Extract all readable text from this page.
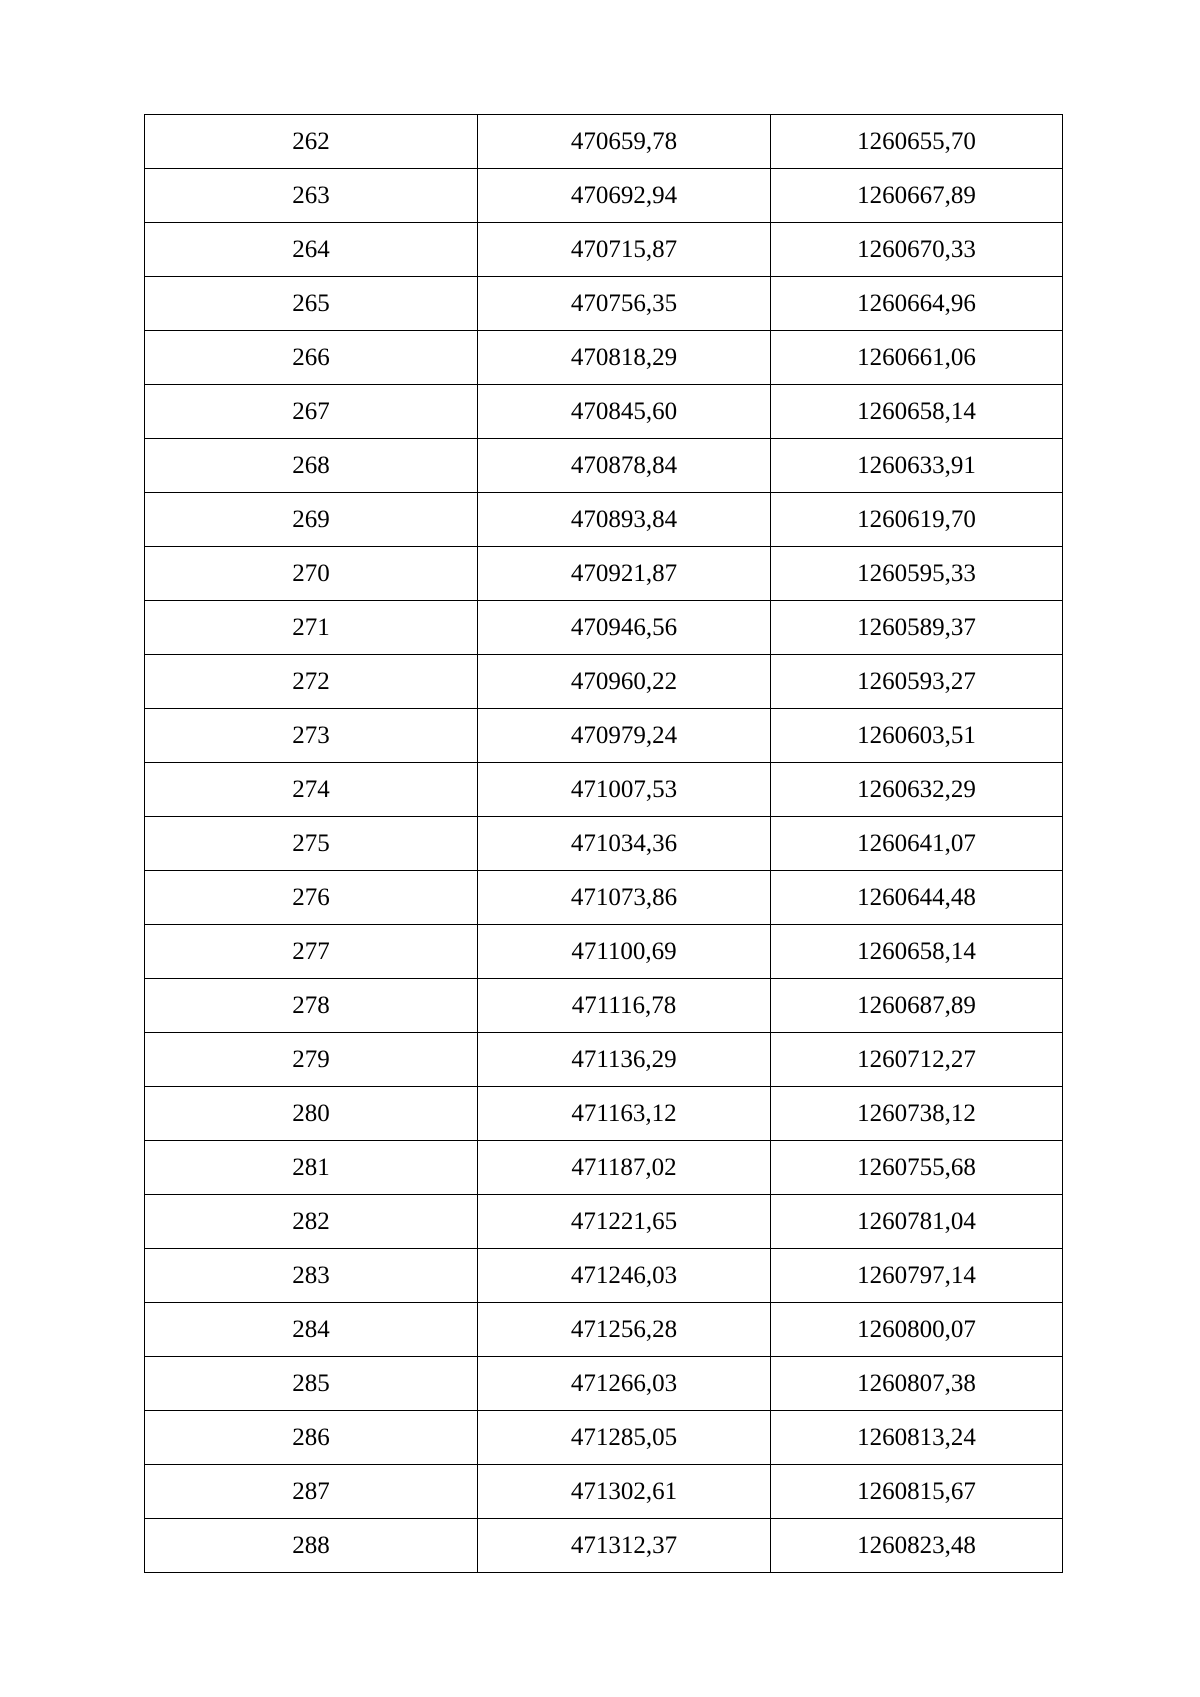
262	470659,78	1260655,70
263	470692,94	1260667,89
264	470715,87	1260670,33
265	470756,35	1260664,96
266	470818,29	1260661,06
267	470845,60	1260658,14
268	470878,84	1260633,91
269	470893,84	1260619,70
270	470921,87	1260595,33
271	470946,56	1260589,37
272	470960,22	1260593,27
273	470979,24	1260603,51
274	471007,53	1260632,29
275	471034,36	1260641,07
276	471073,86	1260644,48
277	471100,69	1260658,14
278	471116,78	1260687,89
279	471136,29	1260712,27
280	471163,12	1260738,12
281	471187,02	1260755,68
282	471221,65	1260781,04
283	471246,03	1260797,14
284	471256,28	1260800,07
285	471266,03	1260807,38
286	471285,05	1260813,24
287	471302,61	1260815,67
288	471312,37	1260823,48
